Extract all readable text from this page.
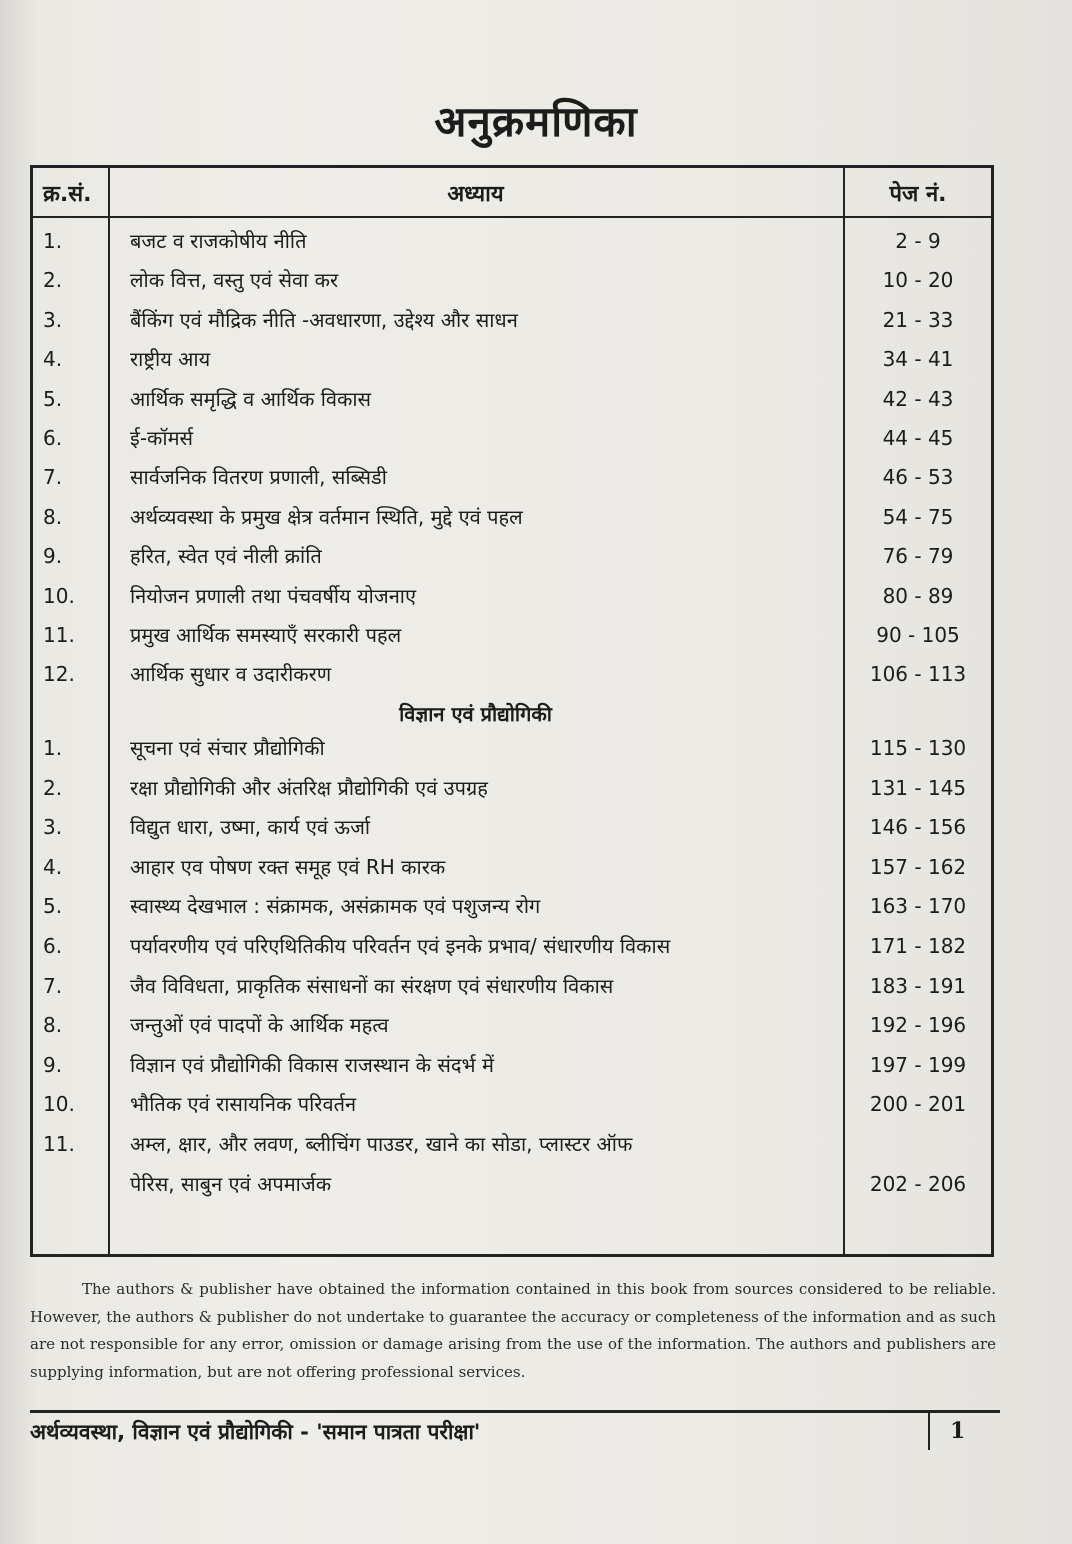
अनुक्रमणिका
क्र.सं.	अध्याय	पेज नं.
1.	बजट व राजकोषीय नीति	2 - 9
2.	लोक वित्त, वस्तु एवं सेवा कर	10 - 20
3.	बैंकिंग एवं मौद्रिक नीति -अवधारणा, उद्देश्य और साधन	21 - 33
4.	राष्ट्रीय आय	34 - 41
5.	आर्थिक समृद्धि व आर्थिक विकास	42 - 43
6.	ई-कॉमर्स	44 - 45
7.	सार्वजनिक वितरण प्रणाली, सब्सिडी	46 - 53
8.	अर्थव्यवस्था के प्रमुख क्षेत्र वर्तमान स्थिति, मुद्दे एवं पहल	54 - 75
9.	हरित, स्वेत एवं नीली क्रांति	76 - 79
10.	नियोजन प्रणाली तथा पंचवर्षीय योजनाए	80 - 89
11.	प्रमुख आर्थिक समस्याएँ सरकारी पहल	90 - 105
12.	आर्थिक सुधार व उदारीकरण	106 - 113
विज्ञान एवं प्रौद्योगिकी
1.	सूचना एवं संचार प्रौद्योगिकी	115 - 130
2.	रक्षा प्रौद्योगिकी और अंतरिक्ष प्रौद्योगिकी एवं उपग्रह	131 - 145
3.	विद्युत धारा, उष्मा, कार्य एवं ऊर्जा	146 - 156
4.	आहार एव पोषण रक्त समूह एवं RH कारक	157 - 162
5.	स्वास्थ्य देखभाल : संक्रामक, असंक्रामक एवं पशुजन्य रोग	163 - 170
6.	पर्यावरणीय एवं परिएथितिकीय परिवर्तन एवं इनके प्रभाव/ संधारणीय विकास	171 - 182
7.	जैव विविधता, प्राकृतिक संसाधनों का संरक्षण एवं संधारणीय विकास	183 - 191
8.	जन्तुओं एवं पादपों के आर्थिक महत्व	192 - 196
9.	विज्ञान एवं प्रौद्योगिकी विकास राजस्थान के संदर्भ में	197 - 199
10.	भौतिक एवं रासायनिक परिवर्तन	200 - 201
11.	अम्ल, क्षार, और लवण, ब्लीचिंग पाउडर, खाने का सोडा, प्लास्टर ऑफ
पेरिस, साबुन एवं अपमार्जक	202 - 206
The authors & publisher have obtained the information contained in this book from sources considered to be reliable. However, the authors & publisher do not undertake to guarantee the accuracy or completeness of the information and as such are not responsible for any error, omission or damage arising from the use of the information. The authors and publishers are supplying information, but are not offering professional services.
अर्थव्यवस्था, विज्ञान एवं प्रौद्योगिकी - 'समान पात्रता परीक्षा'	1
